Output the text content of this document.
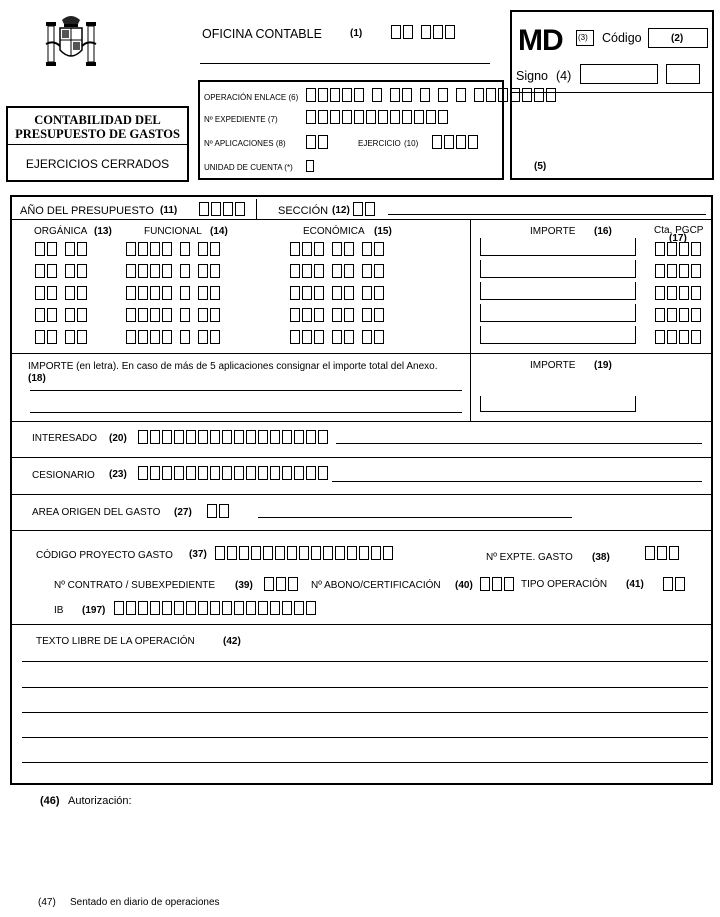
CONTABILIDAD DEL
PRESUPUESTO DE GASTOS
EJERCICIOS CERRADOS
OFICINA CONTABLE	(1)
OPERACIÓN ENLACE (6)
Nº EXPEDIENTE (7)
Nº APLICACIONES (8)	EJERCICIO (10)
UNIDAD DE CUENTA (*)
MD (3) Código	(2)
Signo (4)
(5)
AÑO DEL PRESUPUESTO (11)	SECCIÓN (12)
ORGÁNICA (13)	FUNCIONAL (14)	ECONÓMICA (15)	IMPORTE (16)	Cta. PGCP
(17)
IMPORTE (en letra). En caso de más de 5 aplicaciones consignar el importe total del Anexo.
(18)
IMPORTE (19)
INTERESADO (20)
CESIONARIO (23)
AREA ORIGEN DEL GASTO (27)
CÓDIGO PROYECTO GASTO (37)	Nº EXPTE. GASTO (38)
Nº CONTRATO / SUBEXPEDIENTE (39)	Nº ABONO/CERTIFICACIÓN (40)	TIPO OPERACIÓN (41)
IB (197)
TEXTO LIBRE DE LA OPERACIÓN	(42)
(46) Autorización:
(47) Sentado en diario de operaciones
